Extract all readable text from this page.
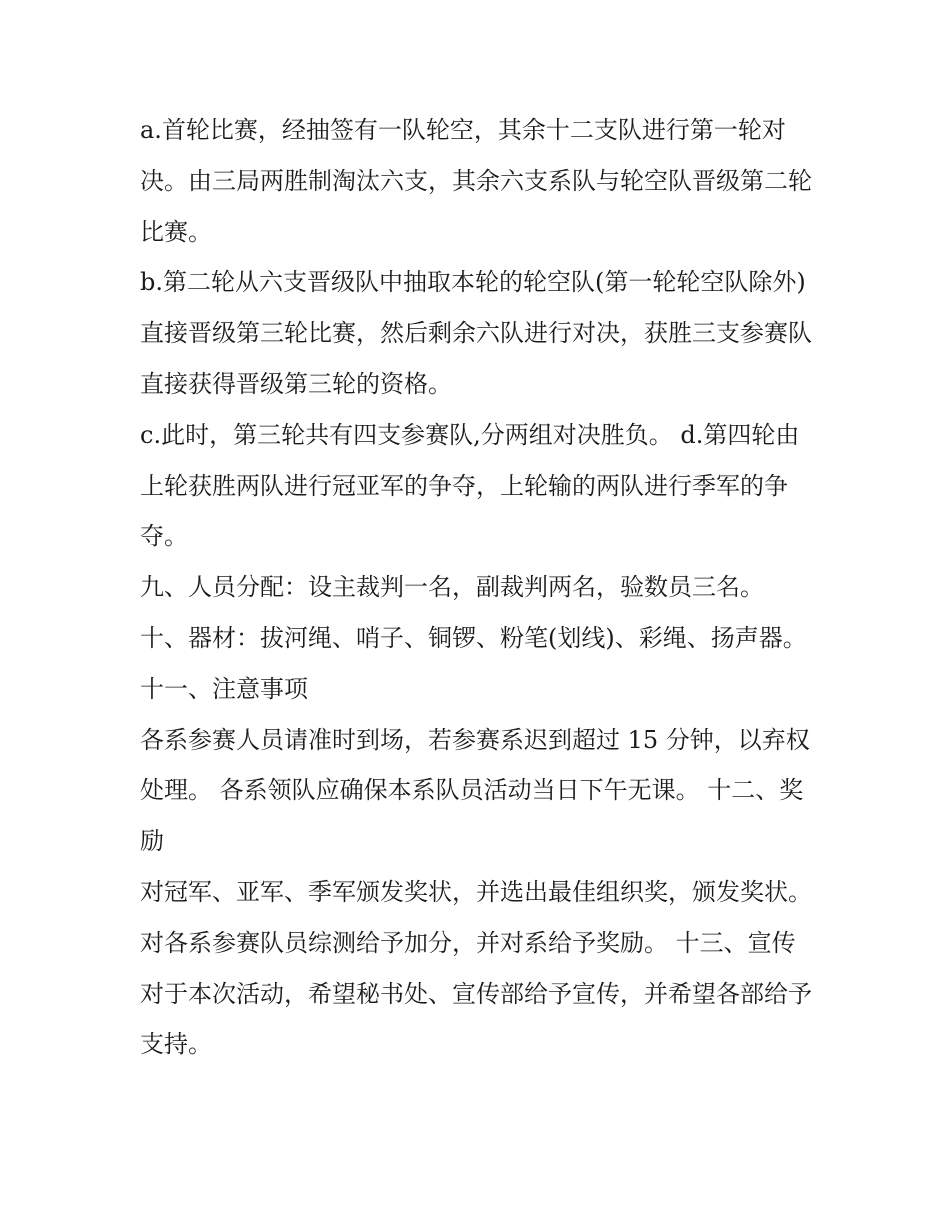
a.首轮比赛，经抽签有一队轮空，其余十二支队进行第一轮对决。由三局两胜制淘汰六支，其余六支系队与轮空队晋级第二轮比赛。

b.第二轮从六支晋级队中抽取本轮的轮空队(第一轮轮空队除外)直接晋级第三轮比赛，然后剩余六队进行对决，获胜三支参赛队直接获得晋级第三轮的资格。

c.此时，第三轮共有四支参赛队,分两组对决胜负。 d.第四轮由上轮获胜两队进行冠亚军的争夺，上轮输的两队进行季军的争夺。

九、人员分配：设主裁判一名，副裁判两名，验数员三名。

十、器材：拔河绳、哨子、铜锣、粉笔(划线)、彩绳、扬声器。 十一、注意事项

各系参赛人员请准时到场，若参赛系迟到超过 15 分钟，以弃权处理。 各系领队应确保本系队员活动当日下午无课。 十二、奖励

对冠军、亚军、季军颁发奖状，并选出最佳组织奖，颁发奖状。 对各系参赛队员综测给予加分，并对系给予奖励。 十三、宣传

对于本次活动，希望秘书处、宣传部给予宣传，并希望各部给予支持。
